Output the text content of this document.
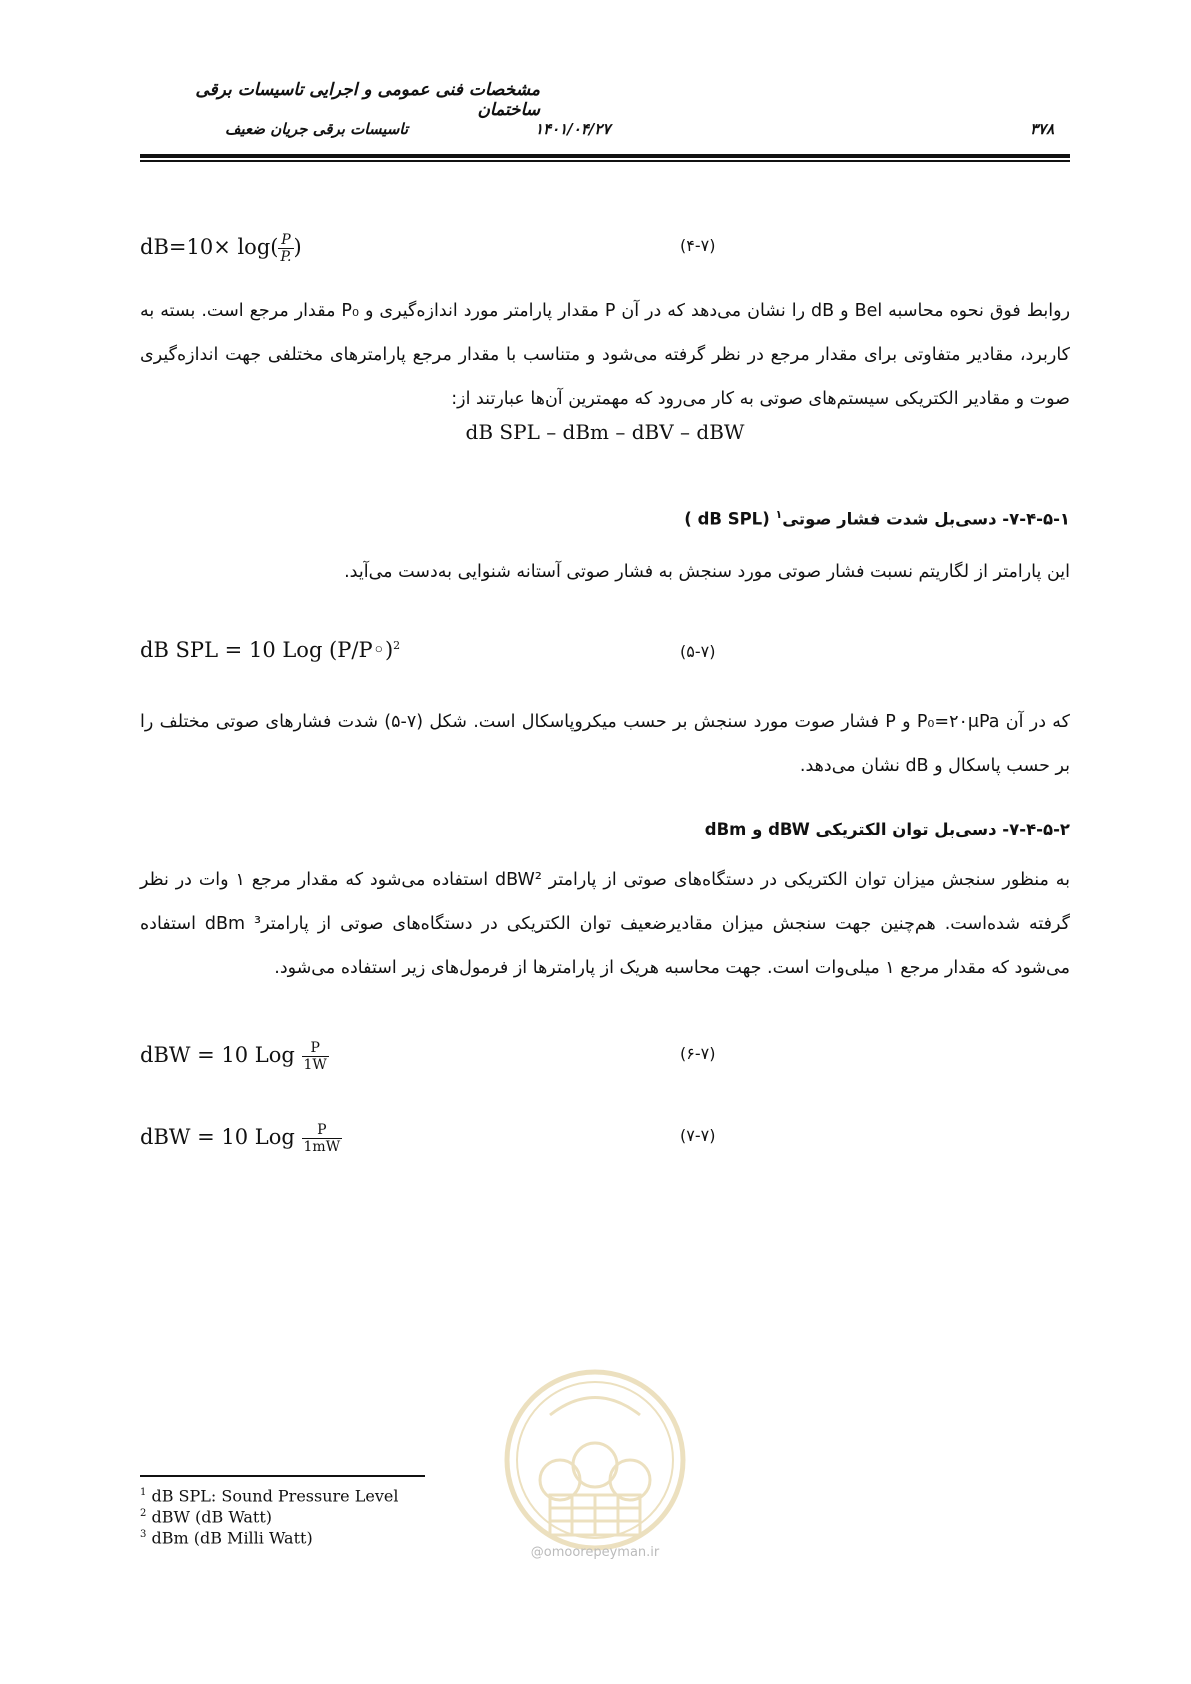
مشخصات فنی عمومی و اجرایی تاسیسات برقی ساختمان
تاسیسات برقی جریان ضعیف	۱۴۰۱/۰۴/۲۷	۳۷۸
$dB=10\times \log( \frac{P}{P.}$ )	(۴-۷)
روابط فوق نحوه محاسبه Bel و dB را نشان می‌دهد که در آن P مقدار پارامتر مورد اندازه‌گیری و P₀ مقدار مرجع است. بسته به کاربرد، مقادیر متفاوتی برای مقدار مرجع در نظر گرفته می‌شود و متناسب با مقدار مرجع پارامترهای مختلفی جهت اندازه‌گیری صوت و مقادیر الکتریکی سیستم‌های صوتی به کار می‌رود که مهمترین آن‌ها عبارتند از:
dB SPL – dBm – dBV – dBW
۷-۴-۵-۱- دسی‌بل شدت فشار صوتی$^۱$ (dB SPL )
این پارامتر از لگاریتم نسبت فشار صوتی مورد سنجش به فشار صوتی آستانه شنوایی به‌دست می‌آید.
dB SPL = 10 Log (P/P◦)$^2$	(۵-۷)
که در آن P₀=۲۰μPa و P فشار صوت مورد سنجش بر حسب میکروپاسکال است. شکل (۷-۵) شدت فشارهای صوتی مختلف را بر حسب پاسکال و dB نشان می‌دهد.
۷-۴-۵-۲- دسی‌بل توان الکتریکی dBW و dBm
به منظور سنجش میزان توان الکتریکی در دستگاه‌های صوتی از پارامتر dBW² استفاده می‌شود که مقدار مرجع ۱ وات در نظر گرفته شده‌است. هم‌چنین جهت سنجش میزان مقادیرضعیف توان الکتریکی در دستگاه‌های صوتی از پارامتر³ dBm استفاده می‌شود که مقدار مرجع ۱ میلی‌وات است. جهت محاسبه هریک از پارامترها از فرمول‌های زیر استفاده می‌شود.
dBW = 10 Log $\frac{P}{1W}$	(۶-۷)
dBW = 10 Log $\frac{P}{1mW}$	(۷-۷)
@omoorepeyman.ir
$^1$ dB SPL: Sound Pressure Level
$^2$ dBW (dB Watt)
$^3$ dBm (dB Milli Watt)
